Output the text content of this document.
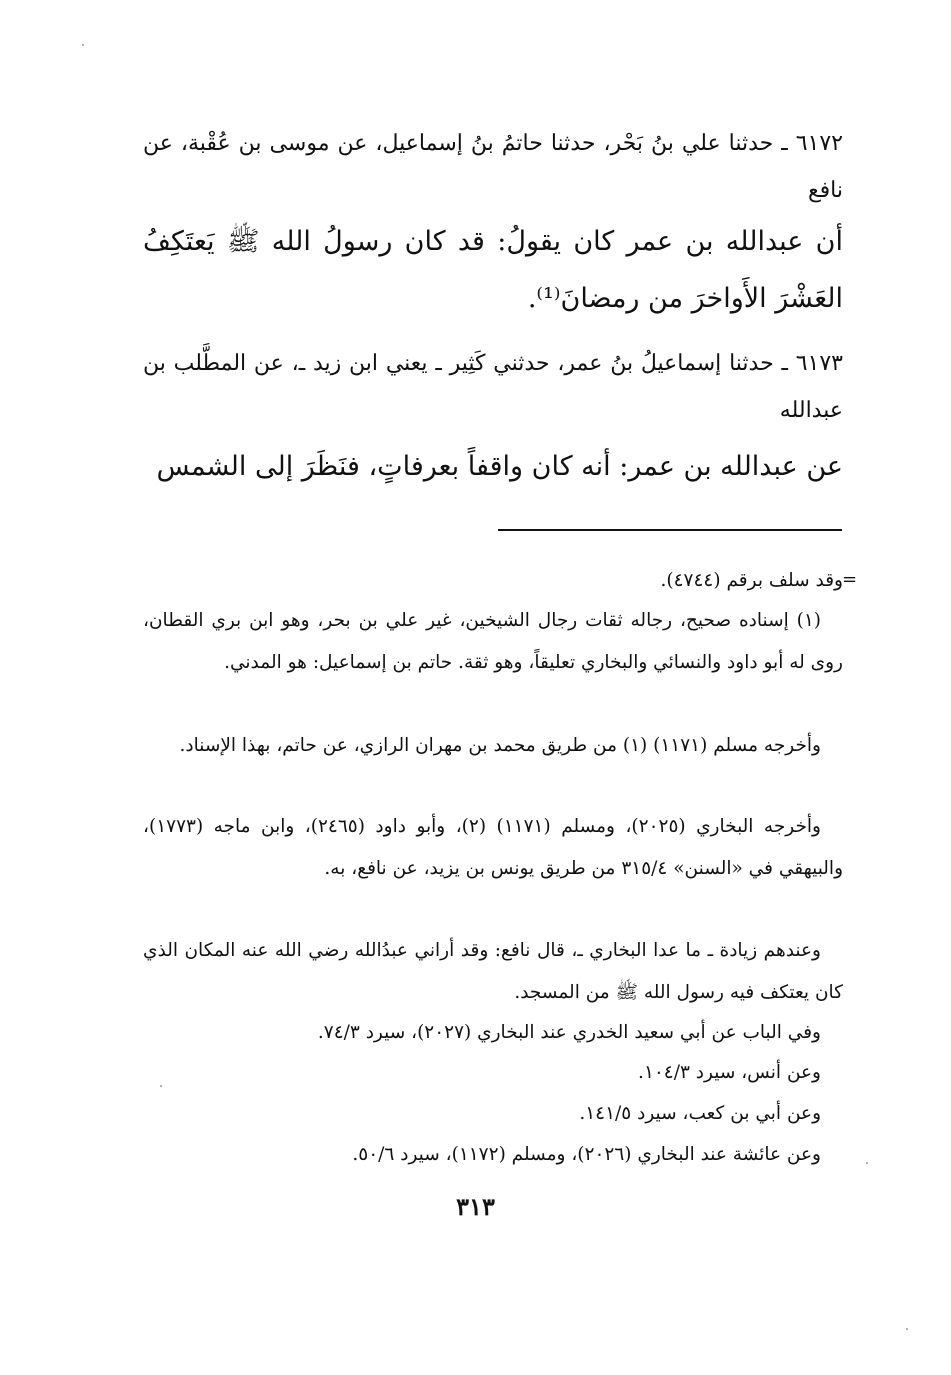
٦١٧٢ ـ حدثنا علي بنُ بَحْر، حدثنا حاتمُ بنُ إسماعيل، عن موسى بن عُقْبة، عن نافع

أن عبدالله بن عمر كان يقولُ: قد كان رسولُ الله ﷺ يَعتَكِفُ العَشْرَ الأَواخرَ من رمضانَ⁽¹⁾.

٦١٧٣ ـ حدثنا إسماعيلُ بنُ عمر، حدثني كَثِير ـ يعني ابن زيد ـ، عن المطَّلب بن عبدالله

عن عبدالله بن عمر: أنه كان واقفاً بعرفاتٍ، فنَظَرَ إلى الشمس

=

وقد سلف برقم (٤٧٤٤).

(١) إسناده صحيح، رجاله ثقات رجال الشيخين، غير علي بن بحر، وهو ابن بري القطان، روى له أبو داود والنسائي والبخاري تعليقاً، وهو ثقة. حاتم بن إسماعيل: هو المدني.

وأخرجه مسلم (١١٧١) (١) من طريق محمد بن مهران الرازي، عن حاتم، بهذا الإسناد.

وأخرجه البخاري (٢٠٢٥)، ومسلم (١١٧١) (٢)، وأبو داود (٢٤٦٥)، وابن ماجه (١٧٧٣)، والبيهقي في «السنن» ٣١٥/٤ من طريق يونس بن يزيد، عن نافع، به.

وعندهم زيادة ـ ما عدا البخاري ـ، قال نافع: وقد أراني عبدُالله رضي الله عنه المكان الذي كان يعتكف فيه رسول الله ﷺ من المسجد.

وفي الباب عن أبي سعيد الخدري عند البخاري (٢٠٢٧)، سيرد ٧٤/٣.

وعن أنس، سيرد ١٠٤/٣.

وعن أبي بن كعب، سيرد ١٤١/٥.

وعن عائشة عند البخاري (٢٠٢٦)، ومسلم (١١٧٢)، سيرد ٥٠/٦.

٣١٣
